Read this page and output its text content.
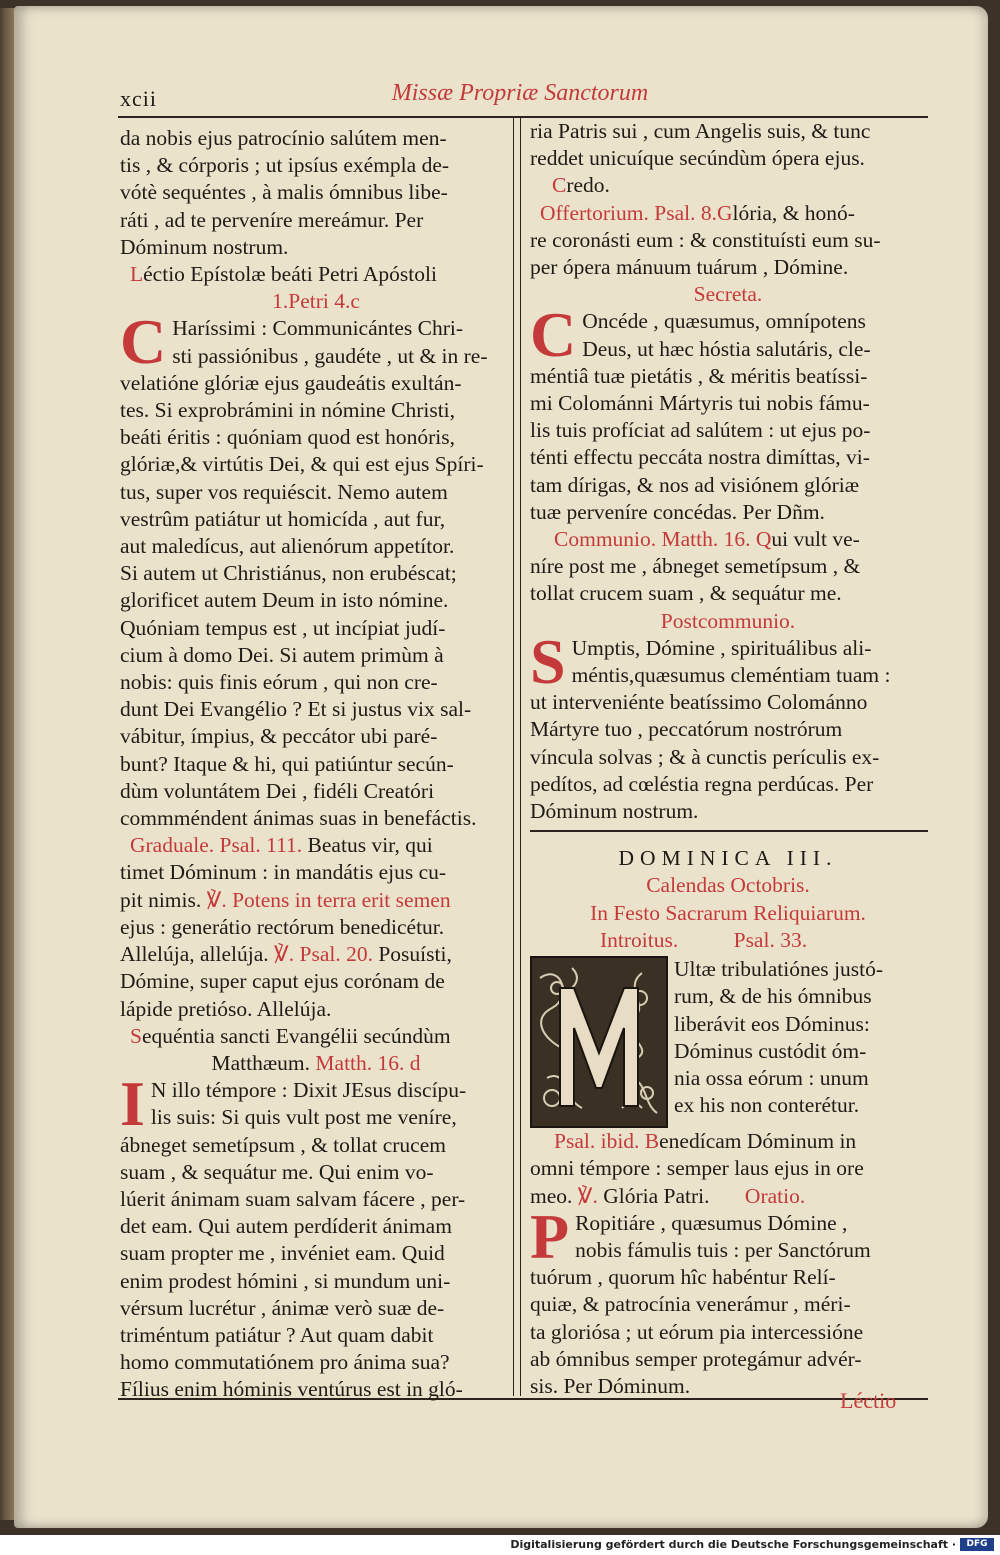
xcii	Missæ Propriæ Sanctorum
da nobis ejus patrocínio salútem men-
tis , & córporis ; ut ipsíus exémpla de-
vótè sequéntes , à malis ómnibus libe-
ráti , ad te perveníre mereámur. Per
Dóminum nostrum.
Léctio Epístolæ beáti Petri Apóstoli
1.Petri 4.c
C Haríssimi : Communicántes Chri-
sti passiónibus , gaudéte , ut & in re-
velatióne glóriæ ejus gaudeátis exultán-
tes. Si exprobrámini in nómine Christi,
beáti éritis : quóniam quod est honóris,
glóriæ,& virtútis Dei, & qui est ejus Spíri-
tus, super vos requiéscit. Nemo autem
vestrûm patiátur ut homicída , aut fur,
aut maledícus, aut alienórum appetítor.
Si autem ut Christiánus, non erubéscat;
glorificet autem Deum in isto nómine.
Quóniam tempus est , ut incípiat judí-
cium à domo Dei. Si autem primùm à
nobis: quis finis eórum , qui non cre-
dunt Dei Evangélio ? Et si justus vix sal-
vábitur, ímpius, & peccátor ubi paré-
bunt? Itaque & hi, qui patiúntur secún-
dùm voluntátem Dei , fidéli Creatóri
commméndent ánimas suas in benefáctis.
Graduale. Psal. 111. Beatus vir, qui
timet Dóminum : in mandátis ejus cu-
pit nimis. ℣. Potens in terra erit semen
ejus : generátio rectórum benedicétur.
Allelúja, allelúja. ℣. Psal. 20. Posuísti,
Dómine, super caput ejus corónam de
lápide pretióso. Allelúja.
Sequéntia sancti Evangélii secúndùm
Matthæum. Matth. 16. d
I N illo témpore : Dixit JEsus discípu-
lis suis: Si quis vult post me veníre,
ábneget semetípsum , & tollat crucem
suam , & sequátur me. Qui enim vo-
lúerit ánimam suam salvam fácere , per-
det eam. Qui autem perdíderit ánimam
suam propter me , invéniet eam. Quid
enim prodest hómini , si mundum uni-
vérsum lucrétur , ánimæ verò suæ de-
triméntum patiátur ? Aut quam dabit
homo commutatiónem pro ánima sua?
Fílius enim hóminis ventúrus est in gló-
ria Patris sui , cum Angelis suis, & tunc
reddet unicuíque secúndùm ópera ejus.
Credo.
Offertorium. Psal. 8.Glória, & honó-
re coronásti eum : & constituísti eum su-
per ópera mánuum tuárum , Dómine.
Secreta.
C Oncéde , quæsumus, omnípotens
Deus, ut hæc hóstia salutáris, cle-
méntiâ tuæ pietátis , & méritis beatíssi-
mi Colománni Mártyris tui nobis fámu-
lis tuis profíciat ad salútem : ut ejus po-
ténti effectu peccáta nostra dimíttas, vi-
tam dírigas, & nos ad visiónem glóriæ
tuæ perveníre concédas. Per Dñm.
Communio. Matth. 16. Qui vult ve-
níre post me , ábneget semetípsum , &
tollat crucem suam , & sequátur me.
Postcommunio.
S Umptis, Dómine , spirituálibus ali-
méntis,quæsumus cleméntiam tuam :
ut interveniénte beatíssimo Colománno
Mártyre tuo , peccatórum nostrórum
víncula solvas ; & à cunctis perículis ex-
pedítos, ad cœléstia regna perdúcas. Per
Dóminum nostrum.
DOMINICA III.
Calendas Octobris.
In Festo Sacrarum Reliquiarum.
Introitus.	Psal. 33.
Ultæ tribulatiónes justó-
rum, & de his ómnibus
liberávit eos Dóminus:
Dóminus custódit óm-
nia ossa eórum : unum
ex his non conterétur.
Psal. ibid. Benedícam Dóminum in
omni témpore : semper laus ejus in ore
meo. ℣. Glória Patri. Oratio.
P Ropitiáre , quæsumus Dómine ,
nobis fámulis tuis : per Sanctórum
tuórum , quorum hîc habéntur Relí-
quiæ, & patrocínia venerámur , méri-
ta gloriósa ; ut eórum pia intercessióne
ab ómnibus semper protegámur advér-
sis. Per Dóminum.
Léctio
Digitalisierung gefördert durch die Deutsche Forschungsgemeinschaft ·	DFG
